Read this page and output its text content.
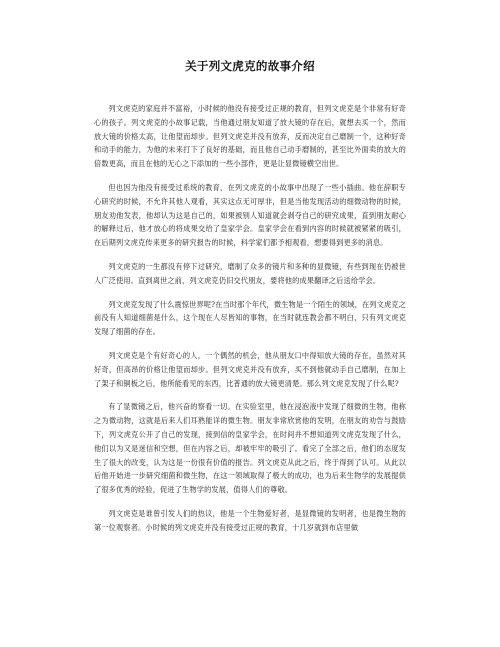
关于列文虎克的故事介绍

列文虎克的家庭并不富裕，小时候的他没有接受过正规的教育，但列文虎克是个非常有好奇心的孩子。列文虎克的小故事记载，当他通过朋友知道了放大镜的存在后，就想去买一个，然而放大镜的价格太高，让他望而却步。但列文虎克并没有放弃，反而决定自己磨制一个，这种好奇和动手的能力，为他的未来打下了良好的基础，而且他自己动手磨制的，甚至比外面卖的放大的倍数更高，而且在他的无心之下添加的一些小部件，更是让显微镜横空出世。

但也因为他没有接受过系统的教育，在列文虎克的小故事中出现了一些小插曲。他在辞职专心研究的时候，不允许其他人观看，其实这点无可厚非，但是当他发现活动的细微动物的时候，朋友劝他发表，他却认为这是自己的，如果被别人知道就会剥夺自己的研究成果，直到朋友耐心的解释过后，他才放心的将成果交给了皇家学会。皇家学会在看到内容的时候就被紧紧的吸引，在后期列文虎克传来更多的研究报告的时候，科学家们都予相观看，想要得到更多的消息。

列文虎克的一生都没有停下过研究，磨制了众多的镜片和多种的显微镜，有些到现在仍被世人广泛使用。直到离世之前，列文虎克仍旧交代朋友，要将他的成果翻译之后送给学会。

列文虎克发现了什么震惊世界呢?在当时那个年代，微生物是一个陌生的领域，在列文虎克之前没有人知道细菌是什么，这个现在人尽皆知的事物，在当时就连教会都不明白，只有列文虎克发现了细菌的存在。

列文虎克是个有好奇心的人，一个偶然的机会，他从朋友口中得知放大镜的存在，虽然对其好奇，但高昂的价格让他望而却步。但列文虎克并没有放弃，买不到他就动手自己磨制，在加上了架子和铜板之后，他所能看见的东西，比普通的放大镜更清楚。那么列文虎克发现了什么呢?

有了显微镜之后，他兴奋的察看一切。在实验室里，他在浸泡液中发现了细微的生物，他称之为微动物，这就是后来人们耳熟能详的微生物。朋友非常欣赏他的发明，在朋友的劝告与鼓励下，列文虎克公开了自己的发现，接到信的皇家学会，在时间并不想知道列文虎克发现了什么，他们以为又是迷信和空想，但在内容之后，却被牢牢的吸引了。看完了全部之后，他们的态度发生了很大的改变，认为这是一份很有价值的报告。列文虎克从此之后，终于得到了认可。从此以后他开始进一步研究细菌和微生物，在这一领域取得了极大的成功，也为后来生物学的发展提供了很多优秀的经验，促进了生物学的发展，值得人们的尊敬。

列文虎克是谁曾引发人们的热议，他是一个生物爱好者，是显微镜的发明者，也是微生物的第一位观察者。小时候的列文虎克并没有接受过正规的教育，十几岁就到布店里做
